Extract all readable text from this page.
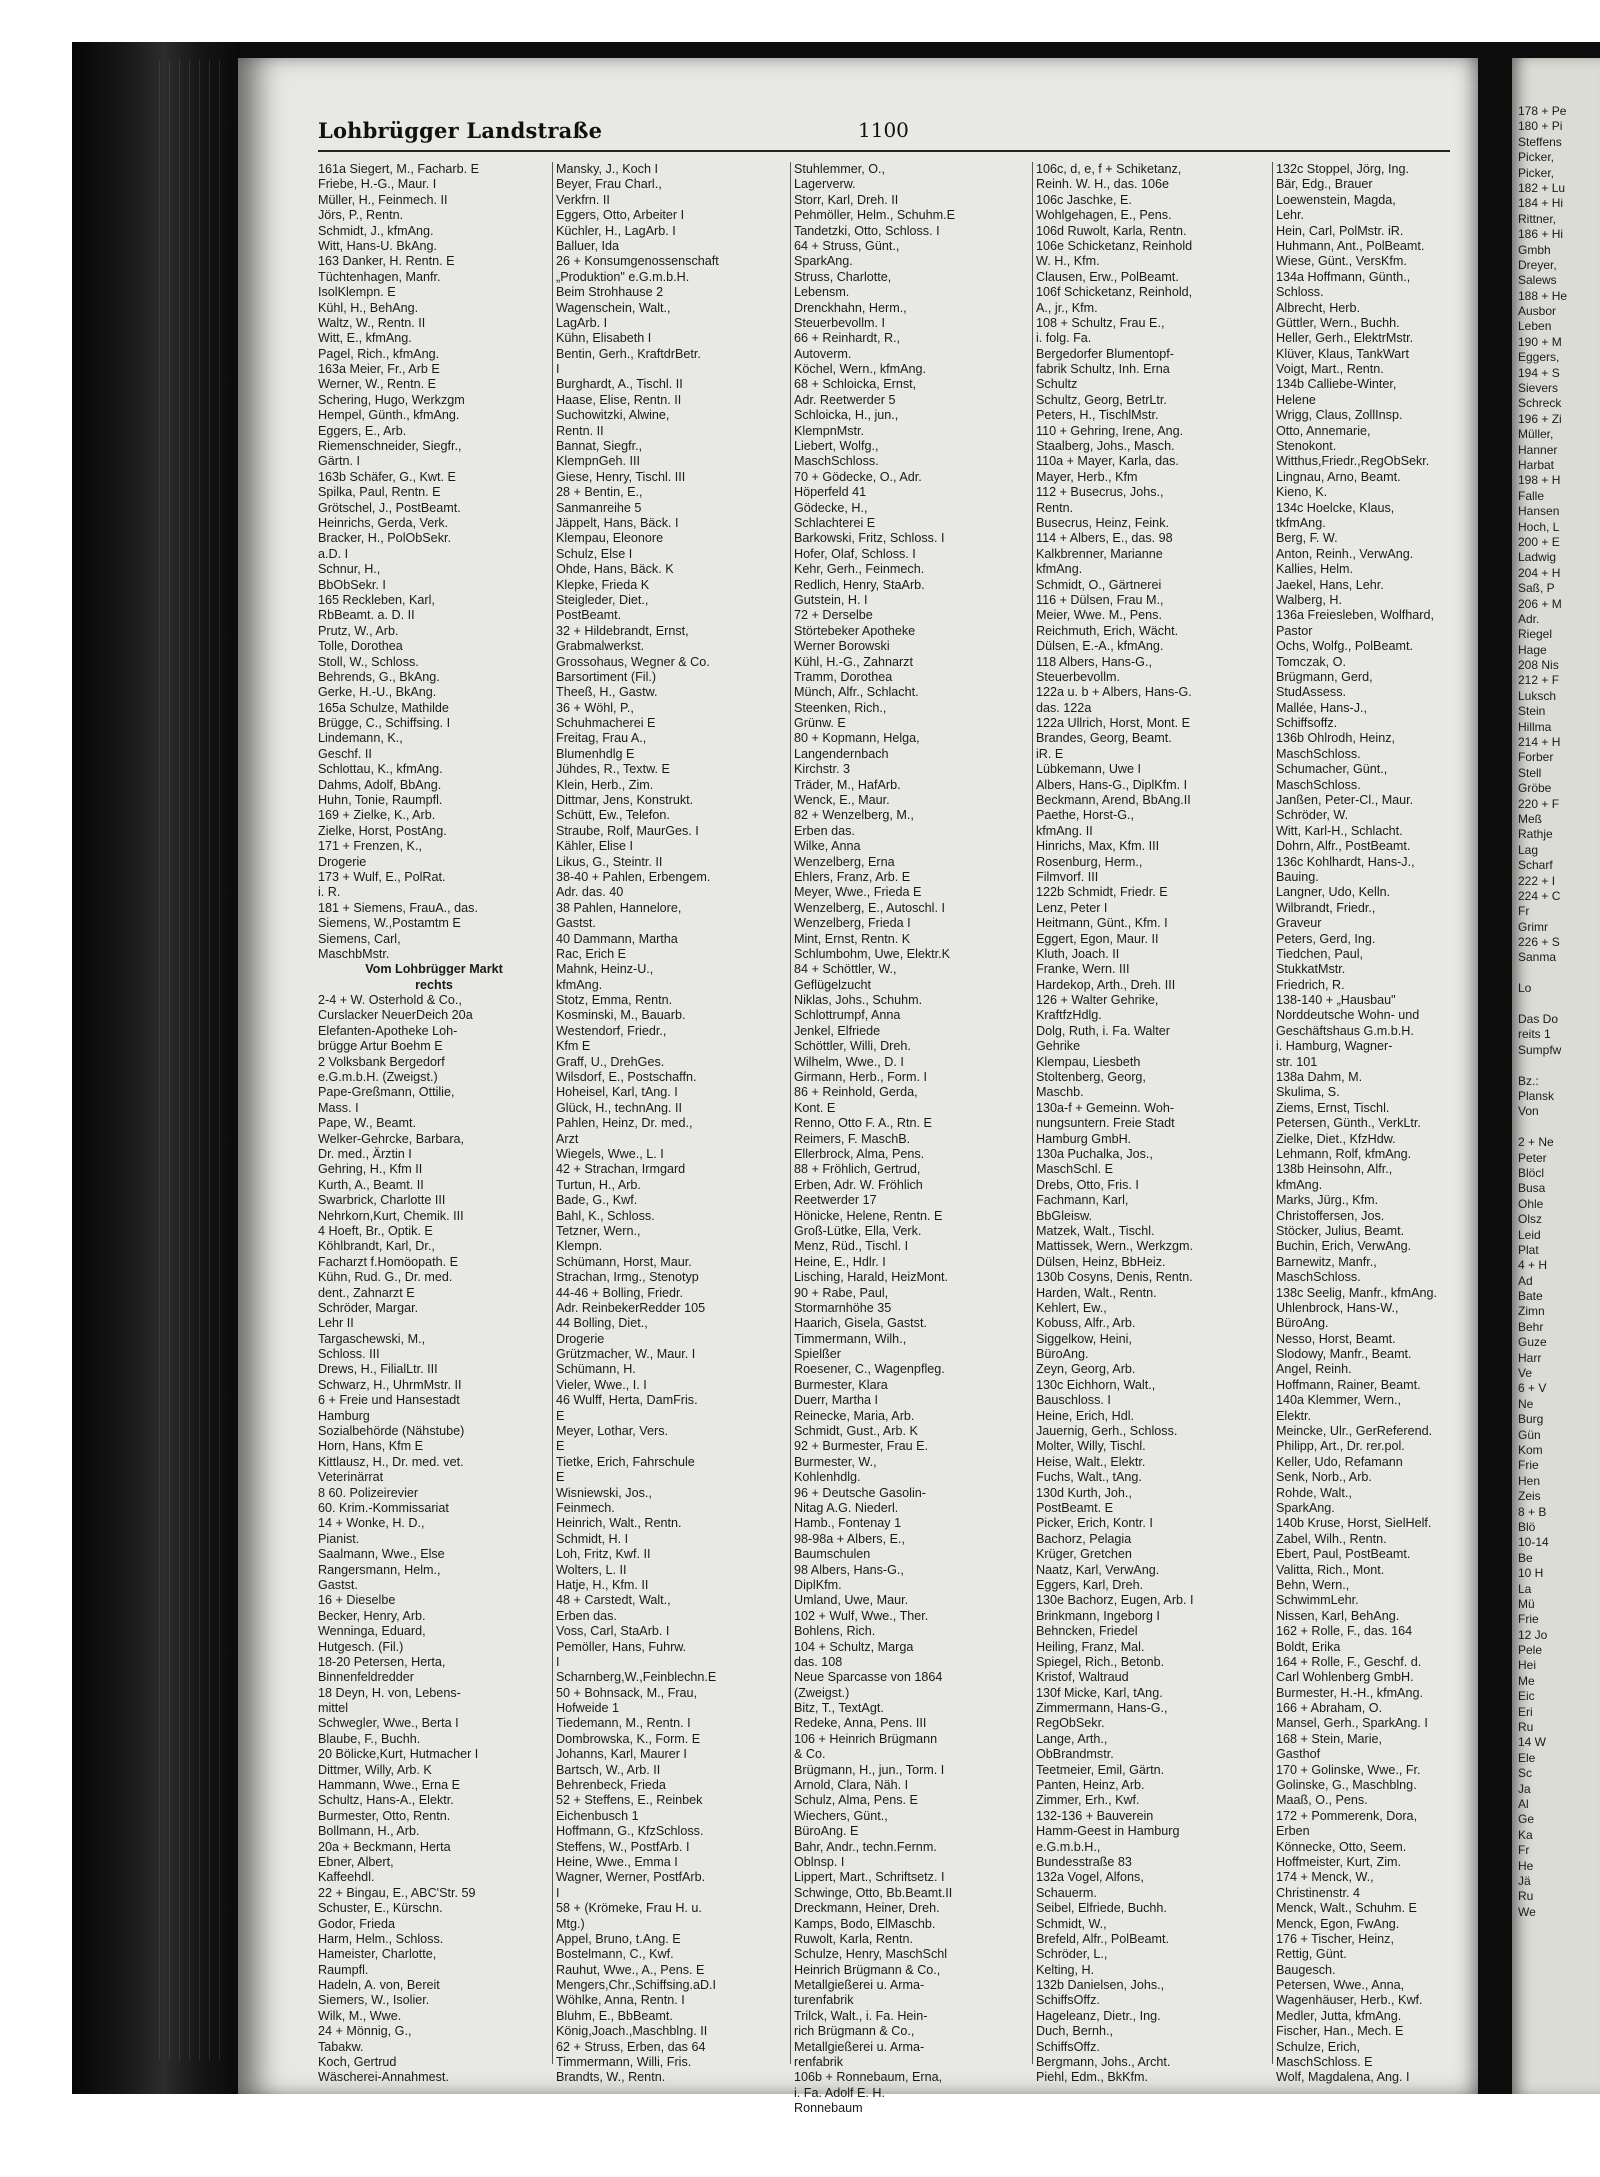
Lohbrügger Landstraße	1100
161a Siegert, M., Facharb. E
Friebe, H.-G., Maur. I
Müller, H., Feinmech. II
Jörs, P., Rentn.
Schmidt, J., kfmAng.
Witt, Hans-U. BkAng.
163 Danker, H. Rentn. E
Tüchtenhagen, Manfr.
IsolKlempn. E
Kühl, H., BehAng.
Waltz, W., Rentn. II
Witt, E., kfmAng.
Pagel, Rich., kfmAng.
163a Meier, Fr., Arb E
Werner, W., Rentn. E
Schering, Hugo, Werkzgm
Hempel, Günth., kfmAng.
Eggers, E., Arb.
Riemenschneider, Siegfr.,
Gärtn. I
163b Schäfer, G., Kwt. E
Spilka, Paul, Rentn. E
Grötschel, J., PostBeamt.
Heinrichs, Gerda, Verk.
Bracker, H., PolObSekr.
a.D. I
Schnur, H.,
BbObSekr. I
165 Reckleben, Karl,
RbBeamt. a. D. II
Prutz, W., Arb.
Tolle, Dorothea
Stoll, W., Schloss.
Behrends, G., BkAng.
Gerke, H.-U., BkAng.
165a Schulze, Mathilde
Brügge, C., Schiffsing. I
Lindemann, K.,
Geschf. II
Schlottau, K., kfmAng.
Dahms, Adolf, BbAng.
Huhn, Tonie, Raumpfl.
169 + Zielke, K., Arb.
Zielke, Horst, PostAng.
171 + Frenzen, K.,
Drogerie
173 + Wulf, E., PolRat.
i. R.
181 + Siemens, FrauA., das.
Siemens, W.,Postamtm E
Siemens, Carl,
MaschbMstr.
Vom Lohbrügger Markt
rechts
2-4 + W. Osterhold & Co.,
Curslacker NeuerDeich 20a
Elefanten-Apotheke Loh-
brügge Artur Boehm E
2 Volksbank Bergedorf
e.G.m.b.H. (Zweigst.)
Pape-Greßmann, Ottilie,
Mass. I
Pape, W., Beamt.
Welker-Gehrcke, Barbara,
Dr. med., Ärztin I
Gehring, H., Kfm II
Kurth, A., Beamt. II
Swarbrick, Charlotte III
Nehrkorn,Kurt, Chemik. III
4 Hoeft, Br., Optik. E
Köhlbrandt, Karl, Dr.,
Facharzt f.Homöopath. E
Kühn, Rud. G., Dr. med.
dent., Zahnarzt E
Schröder, Margar.
Lehr II
Targaschewski, M.,
Schloss. III
Drews, H., FilialLtr. III
Schwarz, H., UhrmMstr. II
6 + Freie und Hansestadt
Hamburg
Sozialbehörde (Nähstube)
Horn, Hans, Kfm E
Kittlausz, H., Dr. med. vet.
Veterinärrat
8 60. Polizeirevier
60. Krim.-Kommissariat
14 + Wonke, H. D.,
Pianist.
Saalmann, Wwe., Else
Rangersmann, Helm.,
Gastst.
16 + Dieselbe
Becker, Henry, Arb.
Wenninga, Eduard,
Hutgesch. (Fil.)
18-20 Petersen, Herta,
Binnenfeldredder
18 Deyn, H. von, Lebens-
mittel
Schwegler, Wwe., Berta I
Blaube, F., Buchh.
20 Bölicke,Kurt, Hutmacher I
Dittmer, Willy, Arb. K
Hammann, Wwe., Erna E
Schultz, Hans-A., Elektr.
Burmester, Otto, Rentn.
Bollmann, H., Arb.
20a + Beckmann, Herta
Ebner, Albert,
Kaffeehdl.
22 + Bingau, E., ABC'Str. 59
Schuster, E., Kürschn.
Godor, Frieda
Harm, Helm., Schloss.
Hameister, Charlotte,
Raumpfl.
Hadeln, A. von, Bereit
Siemers, W., Isolier.
Wilk, M., Wwe.
24 + Mönnig, G.,
Tabakw.
Koch, Gertrud
Wäscherei-Annahmest.
Mansky, J., Koch I
Beyer, Frau Charl.,
Verkfrn. II
Eggers, Otto, Arbeiter I
Küchler, H., LagArb. I
Balluer, Ida
26 + Konsumgenossenschaft
„Produktion" e.G.m.b.H.
Beim Strohhause 2
Wagenschein, Walt.,
LagArb. I
Kühn, Elisabeth I
Bentin, Gerh., KraftdrBetr.
I
Burghardt, A., Tischl. II
Haase, Elise, Rentn. II
Suchowitzki, Alwine,
Rentn. II
Bannat, Siegfr.,
KlempnGeh. III
Giese, Henry, Tischl. III
28 + Bentin, E.,
Sanmanreihe 5
Jäppelt, Hans, Bäck. I
Klempau, Eleonore
Schulz, Else I
Ohde, Hans, Bäck. K
Klepke, Frieda K
Steigleder, Diet.,
PostBeamt.
32 + Hildebrandt, Ernst,
Grabmalwerkst.
Grossohaus, Wegner & Co.
Barsortiment (Fil.)
Theeß, H., Gastw.
36 + Wöhl, P.,
Schuhmacherei E
Freitag, Frau A.,
Blumenhdlg E
Jühdes, R., Textw. E
Klein, Herb., Zim.
Dittmar, Jens, Konstrukt.
Schütt, Ew., Telefon.
Straube, Rolf, MaurGes. I
Kähler, Elise I
Likus, G., Steintr. II
38-40 + Pahlen, Erbengem.
Adr. das. 40
38 Pahlen, Hannelore,
Gastst.
40 Dammann, Martha
Rac, Erich E
Mahnk, Heinz-U.,
kfmAng.
Stotz, Emma, Rentn.
Kosminski, M., Bauarb.
Westendorf, Friedr.,
Kfm E
Graff, U., DrehGes.
Wilsdorf, E., Postschaffn.
Hoheisel, Karl, tAng. I
Glück, H., technAng. II
Pahlen, Heinz, Dr. med.,
Arzt
Wiegels, Wwe., L. I
42 + Strachan, Irmgard
Turtun, H., Arb.
Bade, G., Kwf.
Bahl, K., Schloss.
Tetzner, Wern.,
Klempn.
Schümann, Horst, Maur.
Strachan, Irmg., Stenotyp
44-46 + Bolling, Friedr.
Adr. ReinbekerRedder 105
44 Bolling, Diet.,
Drogerie
Grützmacher, W., Maur. I
Schümann, H.
Vieler, Wwe., I. I
46 Wulff, Herta, DamFris.
E
Meyer, Lothar, Vers.
E
Tietke, Erich, Fahrschule
E
Wisniewski, Jos.,
Feinmech.
Heinrich, Walt., Rentn.
Schmidt, H. I
Loh, Fritz, Kwf. II
Wolters, L. II
Hatje, H., Kfm. II
48 + Carstedt, Walt.,
Erben das.
Voss, Carl, StaArb. I
Pemöller, Hans, Fuhrw.
I
Scharnberg,W.,Feinblechn.E
50 + Bohnsack, M., Frau,
Hofweide 1
Tiedemann, M., Rentn. I
Dombrowska, K., Form. E
Johanns, Karl, Maurer I
Bartsch, W., Arb. II
Behrenbeck, Frieda
52 + Steffens, E., Reinbek
Eichenbusch 1
Hoffmann, G., KfzSchloss.
Steffens, W., PostfArb. I
Heine, Wwe., Emma I
Wagner, Werner, PostfArb.
I
58 + (Krömeke, Frau H. u.
Mtg.)
Appel, Bruno, t.Ang. E
Bostelmann, C., Kwf.
Rauhut, Wwe., A., Pens. E
Mengers,Chr.,Schiffsing.aD.I
Wöhlke, Anna, Rentn. I
Bluhm, E., BbBeamt.
König,Joach.,Maschblng. II
62 + Struss, Erben, das 64
Timmermann, Willi, Fris.
Brandts, W., Rentn.
Stuhlemmer, O.,
Lagerverw.
Storr, Karl, Dreh. II
Pehmöller, Helm., Schuhm.E
Tandetzki, Otto, Schloss. I
64 + Struss, Günt.,
SparkAng.
Struss, Charlotte,
Lebensm.
Drenckhahn, Herm.,
Steuerbevollm. I
66 + Reinhardt, R.,
Autoverm.
Köchel, Wern., kfmAng.
68 + Schloicka, Ernst,
Adr. Reetwerder 5
Schloicka, H., jun.,
KlempnMstr.
Liebert, Wolfg.,
MaschSchloss.
70 + Gödecke, O., Adr.
Höperfeld 41
Gödecke, H.,
Schlachterei E
Barkowski, Fritz, Schloss. I
Hofer, Olaf, Schloss. I
Kehr, Gerh., Feinmech.
Redlich, Henry, StaArb.
Gutstein, H. I
72 + Derselbe
Störtebeker Apotheke
Werner Borowski
Kühl, H.-G., Zahnarzt
Tramm, Dorothea
Münch, Alfr., Schlacht.
Steenken, Rich.,
Grünw. E
80 + Kopmann, Helga,
Langendernbach
Kirchstr. 3
Träder, M., HafArb.
Wenck, E., Maur.
82 + Wenzelberg, M.,
Erben das.
Wilke, Anna
Wenzelberg, Erna
Ehlers, Franz, Arb. E
Meyer, Wwe., Frieda E
Wenzelberg, E., Autoschl. I
Wenzelberg, Frieda I
Mint, Ernst, Rentn. K
Schlumbohm, Uwe, Elektr.K
84 + Schöttler, W.,
Geflügelzucht
Niklas, Johs., Schuhm.
Schlottrumpf, Anna
Jenkel, Elfriede
Schöttler, Willi, Dreh.
Wilhelm, Wwe., D. I
Girmann, Herb., Form. I
86 + Reinhold, Gerda,
Kont. E
Renno, Otto F. A., Rtn. E
Reimers, F. MaschB.
Ellerbrock, Alma, Pens.
88 + Fröhlich, Gertrud,
Erben, Adr. W. Fröhlich
Reetwerder 17
Hönicke, Helene, Rentn. E
Groß-Lütke, Ella, Verk.
Menz, Rüd., Tischl. I
Heine, E., Hdlr. I
Lisching, Harald, HeizMont.
90 + Rabe, Paul,
Stormarnhöhe 35
Haarich, Gisela, Gastst.
Timmermann, Wilh.,
Spielßer
Roesener, C., Wagenpfleg.
Burmester, Klara
Duerr, Martha I
Reinecke, Maria, Arb.
Schmidt, Gust., Arb. K
92 + Burmester, Frau E.
Burmester, W.,
Kohlenhdlg.
96 + Deutsche Gasolin-
Nitag A.G. Niederl.
Hamb., Fontenay 1
98-98a + Albers, E.,
Baumschulen
98 Albers, Hans-G.,
DiplKfm.
Umland, Uwe, Maur.
102 + Wulf, Wwe., Ther.
Bohlens, Rich.
104 + Schultz, Marga
das. 108
Neue Sparcasse von 1864
(Zweigst.)
Bitz, T., TextAgt.
Redeke, Anna, Pens. III
106 + Heinrich Brügmann
& Co.
Brügmann, H., jun., Torm. I
Arnold, Clara, Näh. I
Schulz, Alma, Pens. E
Wiechers, Günt.,
BüroAng. E
Bahr, Andr., techn.Fernm.
Oblnsp. I
Lippert, Mart., Schriftsetz. I
Schwinge, Otto, Bb.Beamt.II
Dreckmann, Heiner, Dreh.
Kamps, Bodo, ElMaschb.
Ruwolt, Karla, Rentn.
Schulze, Henry, MaschSchl
Heinrich Brügmann & Co.,
Metallgießerei u. Arma-
turenfabrik
Trilck, Walt., i. Fa. Hein-
rich Brügmann & Co.,
Metallgießerei u. Arma-
renfabrik
106b + Ronnebaum, Erna,
i. Fa. Adolf E. H.
Ronnebaum
106c, d, e, f + Schiketanz,
Reinh. W. H., das. 106e
106c Jaschke, E.
Wohlgehagen, E., Pens.
106d Ruwolt, Karla, Rentn.
106e Schicketanz, Reinhold
W. H., Kfm.
Clausen, Erw., PolBeamt.
106f Schicketanz, Reinhold,
A., jr., Kfm.
108 + Schultz, Frau E.,
i. folg. Fa.
Bergedorfer Blumentopf-
fabrik Schultz, Inh. Erna
Schultz
Schultz, Georg, BetrLtr.
Peters, H., TischlMstr.
110 + Gehring, Irene, Ang.
Staalberg, Johs., Masch.
110a + Mayer, Karla, das.
Mayer, Herb., Kfm
112 + Busecrus, Johs.,
Rentn.
Busecrus, Heinz, Feink.
114 + Albers, E., das. 98
Kalkbrenner, Marianne
kfmAng.
Schmidt, O., Gärtnerei
116 + Dülsen, Frau M.,
Meier, Wwe. M., Pens.
Reichmuth, Erich, Wächt.
Dülsen, E.-A., kfmAng.
118 Albers, Hans-G.,
Steuerbevollm.
122a u. b + Albers, Hans-G.
das. 122a
122a Ullrich, Horst, Mont. E
Brandes, Georg, Beamt.
iR. E
Lübkemann, Uwe I
Albers, Hans-G., DiplKfm. I
Beckmann, Arend, BbAng.II
Paethe, Horst-G.,
kfmAng. II
Hinrichs, Max, Kfm. III
Rosenburg, Herm.,
Filmvorf. III
122b Schmidt, Friedr. E
Lenz, Peter I
Heitmann, Günt., Kfm. I
Eggert, Egon, Maur. II
Kluth, Joach. II
Franke, Wern. III
Hardekop, Arth., Dreh. III
126 + Walter Gehrike,
KraftfzHdlg.
Dolg, Ruth, i. Fa. Walter
Gehrike
Klempau, Liesbeth
Stoltenberg, Georg,
Maschb.
130a-f + Gemeinn. Woh-
nungsuntern. Freie Stadt
Hamburg GmbH.
130a Puchalka, Jos.,
MaschSchl. E
Drebs, Otto, Fris. I
Fachmann, Karl,
BbGleisw.
Matzek, Walt., Tischl.
Mattissek, Wern., Werkzgm.
Dülsen, Heinz, BbHeiz.
130b Cosyns, Denis, Rentn.
Harden, Walt., Rentn.
Kehlert, Ew.,
Kobuss, Alfr., Arb.
Siggelkow, Heini,
BüroAng.
Zeyn, Georg, Arb.
130c Eichhorn, Walt.,
Bauschloss. I
Heine, Erich, Hdl.
Jauernig, Gerh., Schloss.
Molter, Willy, Tischl.
Heise, Walt., Elektr.
Fuchs, Walt., tAng.
130d Kurth, Joh.,
PostBeamt. E
Picker, Erich, Kontr. I
Bachorz, Pelagia
Krüger, Gretchen
Naatz, Karl, VerwAng.
Eggers, Karl, Dreh.
130e Bachorz, Eugen, Arb. I
Brinkmann, Ingeborg I
Behncken, Friedel
Heiling, Franz, Mal.
Spiegel, Rich., Betonb.
Kristof, Waltraud
130f Micke, Karl, tAng.
Zimmermann, Hans-G.,
RegObSekr.
Lange, Arth.,
ObBrandmstr.
Teetmeier, Emil, Gärtn.
Panten, Heinz, Arb.
Zimmer, Erh., Kwf.
132-136 + Bauverein
Hamm-Geest in Hamburg
e.G.m.b.H.,
Bundesstraße 83
132a Vogel, Alfons,
Schauerm.
Seibel, Elfriede, Buchh.
Schmidt, W.,
Brefeld, Alfr., PolBeamt.
Schröder, L.,
Kelting, H.
132b Danielsen, Johs.,
SchiffsOffz.
Hageleanz, Dietr., Ing.
Duch, Bernh.,
SchiffsOffz.
Bergmann, Johs., Archt.
Piehl, Edm., BkKfm.
132c Stoppel, Jörg, Ing.
Bär, Edg., Brauer
Loewenstein, Magda,
Lehr.
Hein, Carl, PolMstr. iR.
Huhmann, Ant., PolBeamt.
Wiese, Günt., VersKfm.
134a Hoffmann, Günth.,
Schloss.
Albrecht, Herb.
Güttler, Wern., Buchh.
Heller, Gerh., ElektrMstr.
Klüver, Klaus, TankWart
Voigt, Mart., Rentn.
134b Calliebe-Winter,
Helene
Wrigg, Claus, ZollInsp.
Otto, Annemarie,
Stenokont.
Witthus,Friedr.,RegObSekr.
Lingnau, Arno, Beamt.
Kieno, K.
134c Hoelcke, Klaus,
tkfmAng.
Berg, F. W.
Anton, Reinh., VerwAng.
Kallies, Helm.
Jaekel, Hans, Lehr.
Walberg, H.
136a Freiesleben, Wolfhard,
Pastor
Ochs, Wolfg., PolBeamt.
Tomczak, O.
Brügmann, Gerd,
StudAssess.
Mallée, Hans-J.,
Schiffsoffz.
136b Ohlrodh, Heinz,
MaschSchloss.
Schumacher, Günt.,
MaschSchloss.
Janßen, Peter-Cl., Maur.
Schröder, W.
Witt, Karl-H., Schlacht.
Dohrn, Alfr., PostBeamt.
136c Kohlhardt, Hans-J.,
Bauing.
Langner, Udo, Kelln.
Wilbrandt, Friedr.,
Graveur
Peters, Gerd, Ing.
Tiedchen, Paul,
StukkatMstr.
Friedrich, R.
138-140 + „Hausbau"
Norddeutsche Wohn- und
Geschäftshaus G.m.b.H.
i. Hamburg, Wagner-
str. 101
138a Dahm, M.
Skulima, S.
Ziems, Ernst, Tischl.
Petersen, Günth., VerkLtr.
Zielke, Diet., KfzHdw.
Lehmann, Rolf, kfmAng.
138b Heinsohn, Alfr.,
kfmAng.
Marks, Jürg., Kfm.
Christoffersen, Jos.
Stöcker, Julius, Beamt.
Buchin, Erich, VerwAng.
Barnewitz, Manfr.,
MaschSchloss.
138c Seelig, Manfr., kfmAng.
Uhlenbrock, Hans-W.,
BüroAng.
Nesso, Horst, Beamt.
Slodowy, Manfr., Beamt.
Angel, Reinh.
Hoffmann, Rainer, Beamt.
140a Klemmer, Wern.,
Elektr.
Meincke, Ulr., GerReferend.
Philipp, Art., Dr. rer.pol.
Keller, Udo, Refamann
Senk, Norb., Arb.
Rohde, Walt.,
SparkAng.
140b Kruse, Horst, SielHelf.
Zabel, Wilh., Rentn.
Ebert, Paul, PostBeamt.
Valitta, Rich., Mont.
Behn, Wern.,
SchwimmLehr.
Nissen, Karl, BehAng.
162 + Rolle, F., das. 164
Boldt, Erika
164 + Rolle, F., Geschf. d.
Carl Wohlenberg GmbH.
Burmester, H.-H., kfmAng.
166 + Abraham, O.
Mansel, Gerh., SparkAng. I
168 + Stein, Marie,
Gasthof
170 + Golinske, Wwe., Fr.
Golinske, G., Maschblng.
Maaß, O., Pens.
172 + Pommerenk, Dora,
Erben
Könnecke, Otto, Seem.
Hoffmeister, Kurt, Zim.
174 + Menck, W.,
Christinenstr. 4
Menck, Walt., Schuhm. E
Menck, Egon, FwAng.
176 + Tischer, Heinz,
Rettig, Günt.
Baugesch.
Petersen, Wwe., Anna,
Wagenhäuser, Herb., Kwf.
Medler, Jutta, kfmAng.
Fischer, Han., Mech. E
Schulze, Erich,
MaschSchloss. E
Wolf, Magdalena, Ang. I
178 + Pe
180 + Pi
Steffens
Picker,
Picker,
182 + Lu
184 + Hi
Rittner,
186 + Hi
Gmbh
Dreyer,
Salews
188 + He
Ausbor
Leben
190 + M
Eggers,
194 + S
Sievers
Schreck
196 + Zi
Müller,
Hanner
Harbat
198 + H
Falle
Hansen
Hoch, L
200 + E
Ladwig
204 + H
Saß, P
206 + M
Adr.
Riegel
Hage
208 Nis
212 + F
Luksch
Stein
Hillma
214 + H
Forber
Stell
Gröbe
220 + F
Meß
Rathje
Lag
Scharf
222 + I
224 + C
Fr
Grimr
226 + S
Sanma
Lo
Das Do
reits 1
Sumpfw
Bz.:
Plansk
Von
2 + Ne
Peter
Blöcl
Busa
Ohle
Olsz
Leid
Plat
4 + H
Ad
Bate
Zimn
Behr
Guze
Harr
Ve
6 + V
Ne
Burg
Gün
Kom
Frie
Hen
Zeis
8 + B
Blö
10-14
Be
10 H
La
Mü
Frie
12 Jo
Pele
Hei
Me
Eic
Eri
Ru
14 W
Ele
Sc
Ja
Al
Ge
Ka
Fr
He
Jä
Ru
We
